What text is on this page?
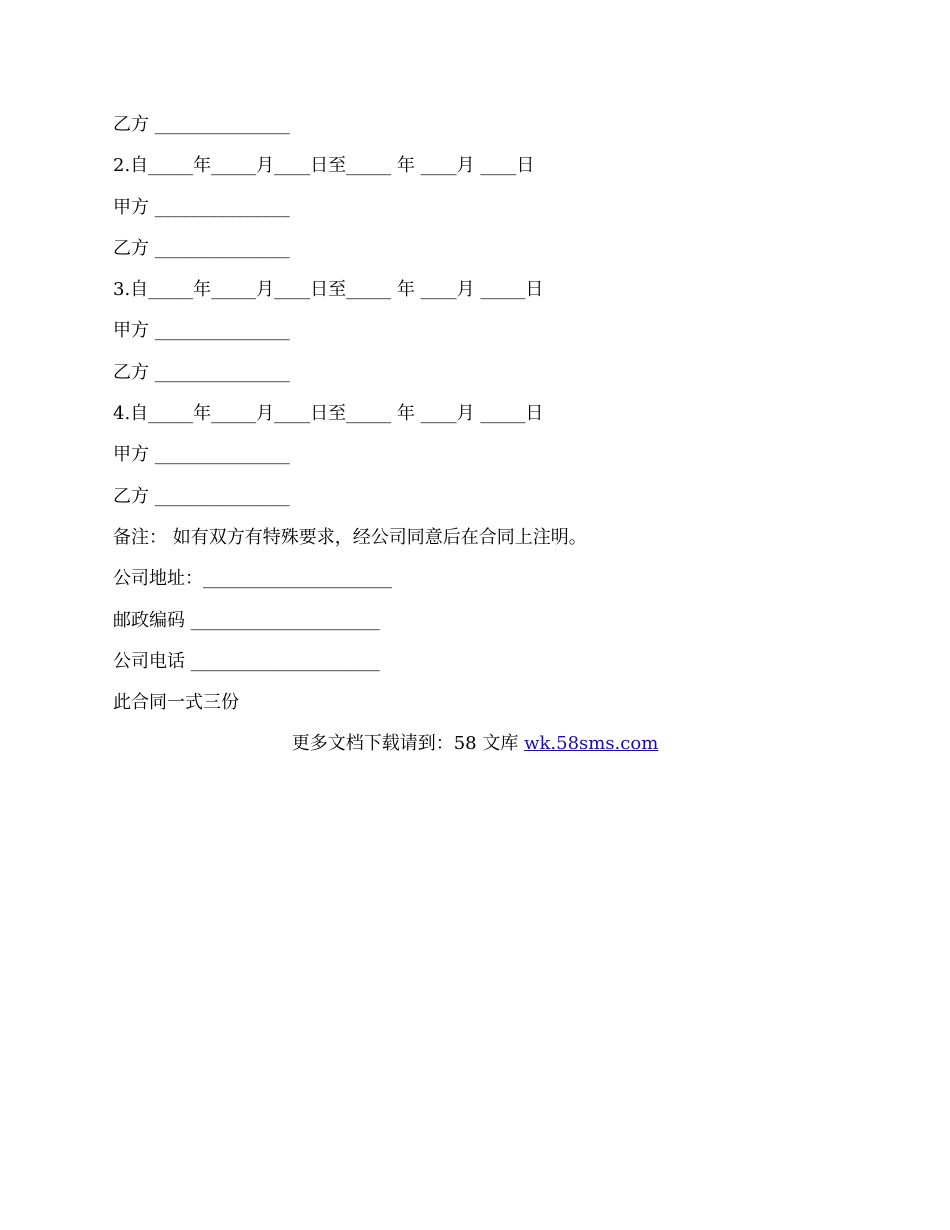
乙方 _______________
2.自_____年_____月____日至_____ 年 ____月 ____日
甲方 _______________
乙方 _______________
3.自_____年_____月____日至_____ 年 ____月 _____日
甲方 _______________
乙方 _______________
4.自_____年_____月____日至_____ 年 ____月 _____日
甲方 _______________
乙方 _______________
备注： 如有双方有特殊要求，经公司同意后在合同上注明。
公司地址：_____________________
邮政编码 _____________________
公司电话 _____________________
此合同一式三份
更多文档下载请到：58 文库 wk.58sms.com
